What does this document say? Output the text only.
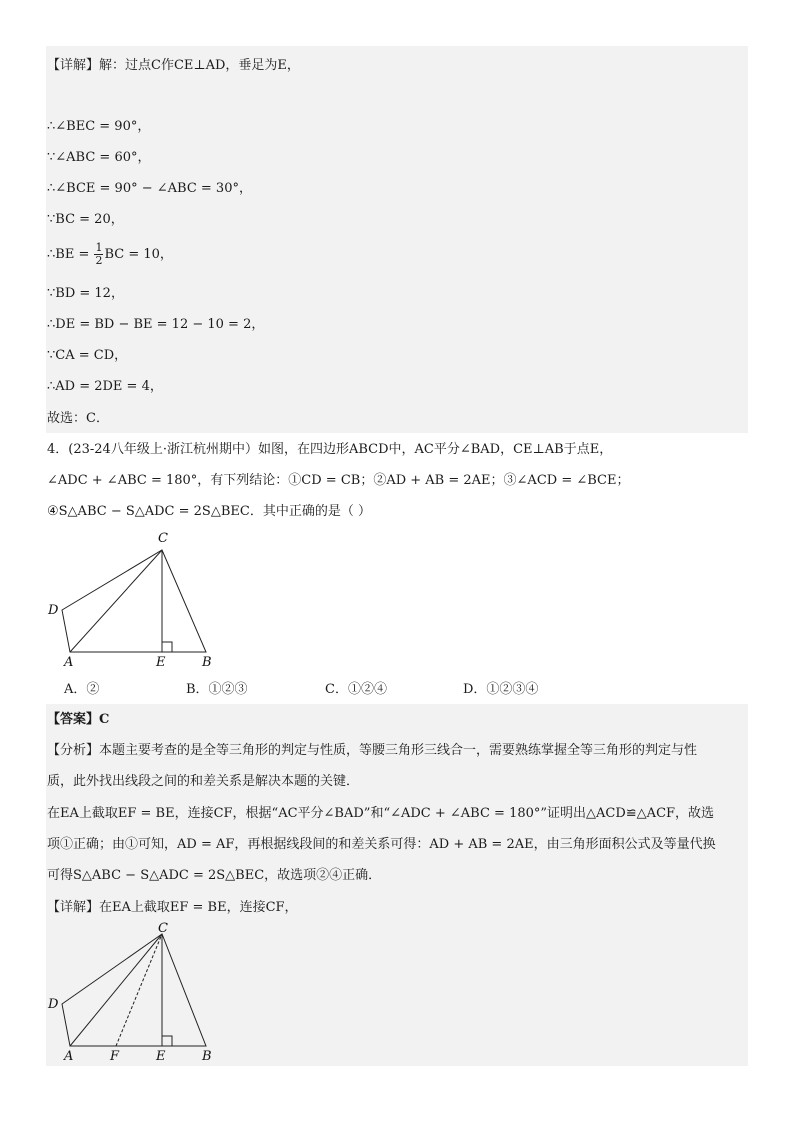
【详解】解：过点C作CE⊥AD，垂足为E，
∴∠BEC = 90°，
∵∠ABC = 60°，
∴∠BCE = 90° − ∠ABC = 30°，
∵BC = 20，
∴BE = $\frac{1}{2}$ BC = 10，
∵BD = 12，
∴DE = BD − BE = 12 − 10 = 2，
∵CA = CD，
∴AD = 2DE = 4，
故选：C．
4．(23-24八年级上·浙江杭州期中）如图，在四边形ABCD中，AC平分∠BAD，CE⊥AB于点E，
∠ADC + ∠ABC = 180°，有下列结论：①CD = CB；②AD + AB = 2AE；③∠ACD = ∠BCE；
④S△ABC − S△ADC = 2S△BEC．其中正确的是（ ）
C
D
A	E	B
A．②	B．①②③	C．①②④	D．①②③④
【答案】C
【分析】本题主要考查的是全等三角形的判定与性质，等腰三角形三线合一，需要熟练掌握全等三角形的判定与性
质，此外找出线段之间的和差关系是解决本题的关键．
在EA上截取EF = BE，连接CF，根据“AC平分∠BAD”和“∠ADC + ∠ABC = 180°”证明出△ACD≌△ACF，故选
项①正确；由①可知，AD = AF，再根据线段间的和差关系可得：AD + AB = 2AE，由三角形面积公式及等量代换
可得S△ABC − S△ADC = 2S△BEC，故选项②④正确．
【详解】在EA上截取EF = BE，连接CF，
C
D
A	F	E	B
